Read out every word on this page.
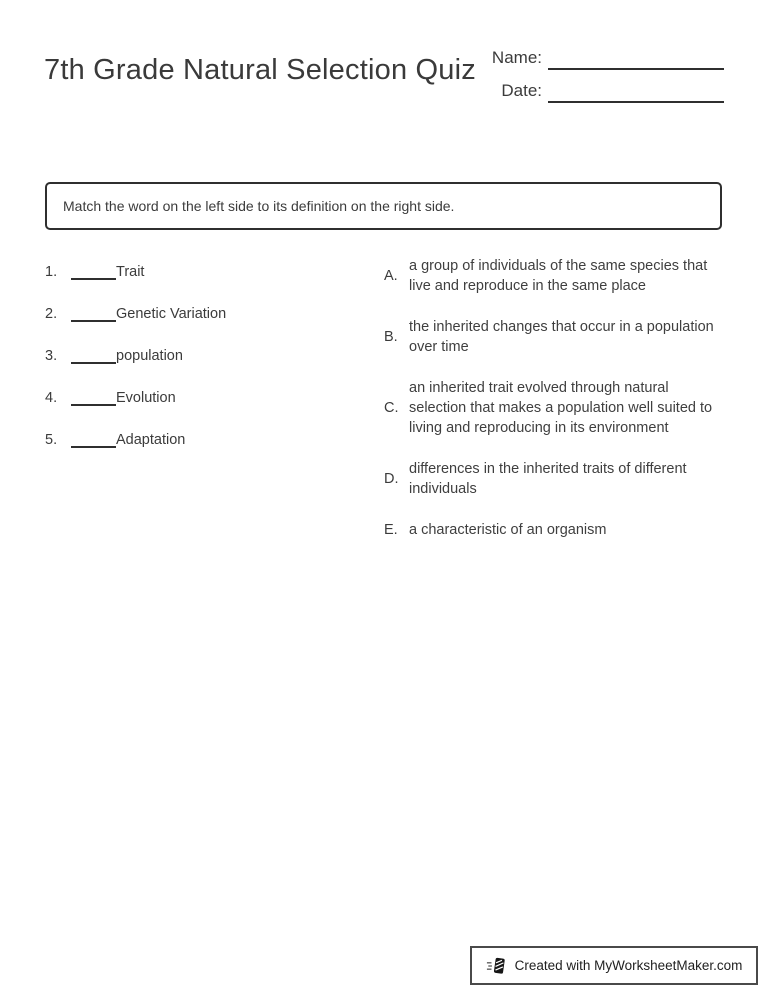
7th Grade Natural Selection Quiz Name:
Date:
Match the word on the left side to its definition on the right side.
1.	Trait
2.	Genetic Variation
3.	population
4.	Evolution
5.	Adaptation
A.
a group of individuals of the same species that live and reproduce in the same place
B.
the inherited changes that occur in a population over time
C.
an inherited trait evolved through natural selection that makes a population well suited to living and reproducing in its environment
D.
differences in the inherited traits of different individuals
E. a characteristic of an organism
Created with MyWorksheetMaker.com
